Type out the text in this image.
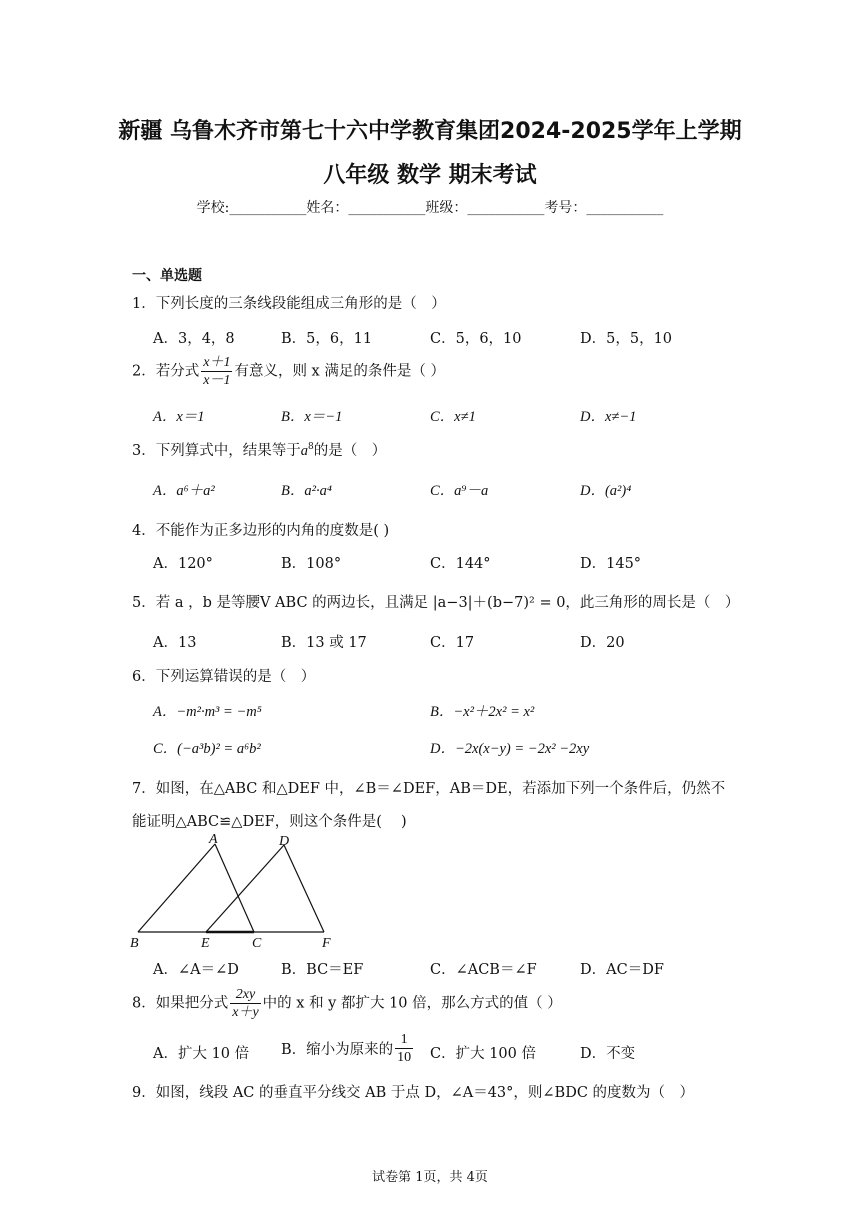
新疆 乌鲁木齐市第七十六中学教育集团2024-2025学年上学期
八年级 数学 期末考试
学校:___________姓名：___________班级：___________考号：___________
一、单选题
1．下列长度的三条线段能组成三角形的是（　）
A．3，4，8	B．5，6，11	C．5，6，10	D．5，5，10
2．若分式 $\frac{x+1}{x-1}$ 有意义，则 x 满足的条件是（ ）
A．x＝1	B．x＝−1	C．x≠1	D．x≠−1
3．下列算式中，结果等于$a^8$的是（　）
A．a⁶＋a²	B．a²·a⁴	C．a⁹－a	D．(a²)⁴
4．不能作为正多边形的内角的度数是( )
A．120°	B．108°	C．144°	D．145°
5．若 a ，b 是等腰V ABC 的两边长，且满足 |a−3|＋(b−7)² = 0，此三角形的周长是（　）
A．13	B．13 或 17	C．17	D．20
6．下列运算错误的是（　）
A．−m²·m³ = −m⁵	B．−x²＋2x² = x²
C．(−a³b)² = a⁶b²	D．−2x(x−y) = −2x² −2xy
7．如图，在△ABC 和△DEF 中，∠B＝∠DEF，AB＝DE，若添加下列一个条件后，仍然不
能证明△ABC≌△DEF，则这个条件是(　 )
A	D
B	E	C	F
A．∠A＝∠D	B．BC＝EF	C．∠ACB＝∠F	D．AC＝DF
8．如果把分式 $\frac{2xy}{x+y}$ 中的 x 和 y 都扩大 10 倍，那么方式的值（ ）
A．扩大 10 倍 B．缩小为原来的 $\frac{1}{10}$ C．扩大 100 倍	D．不变
9．如图，线段 AC 的垂直平分线交 AB 于点 D，∠A＝43°，则∠BDC 的度数为（　）
试卷第 1页，共 4页
